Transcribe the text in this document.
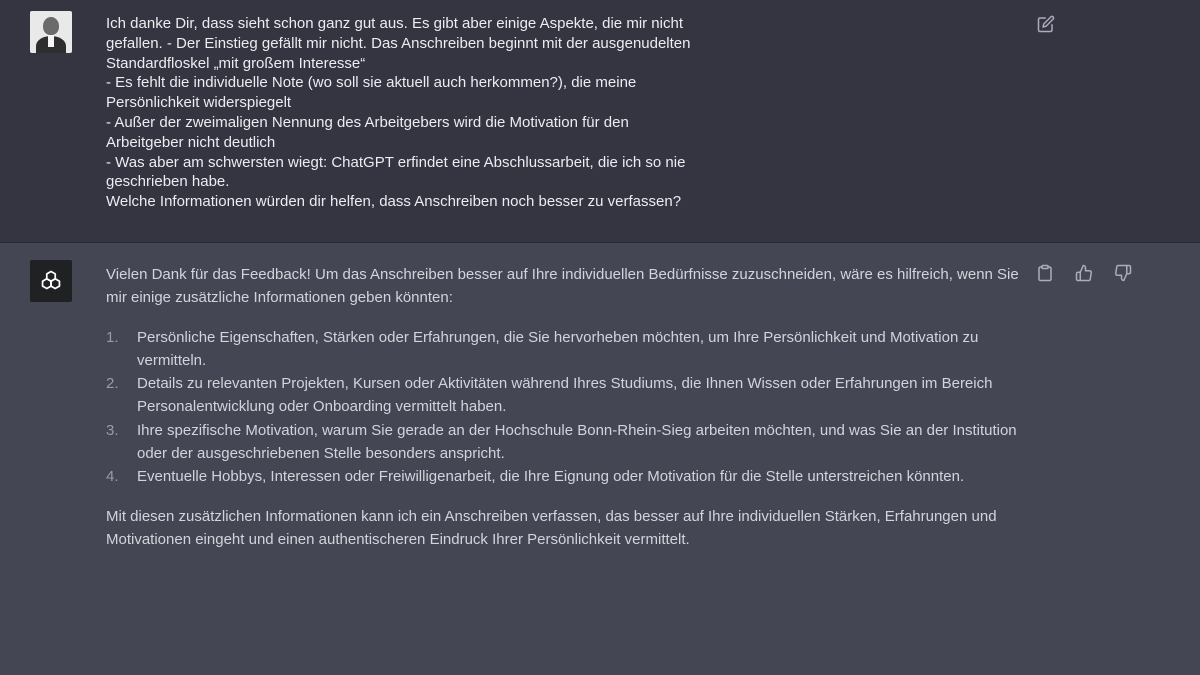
Ich danke Dir, dass sieht schon ganz gut aus. Es gibt aber einige Aspekte, die mir nicht
gefallen. - Der Einstieg gefällt mir nicht. Das Anschreiben beginnt mit der ausgenudelten
Standardfloskel „mit großem Interesse“
- Es fehlt die individuelle Note (wo soll sie aktuell auch herkommen?), die meine
Persönlichkeit widerspiegelt
- Außer der zweimaligen Nennung des Arbeitgebers wird die Motivation für den
Arbeitgeber nicht deutlich
- Was aber am schwersten wiegt: ChatGPT erfindet eine Abschlussarbeit, die ich so nie
geschrieben habe.
Welche Informationen würden dir helfen, dass Anschreiben noch besser zu verfassen?

Vielen Dank für das Feedback! Um das Anschreiben besser auf Ihre individuellen Bedürfnisse zuzuschneiden, wäre es hilfreich, wenn Sie mir einige zusätzliche Informationen geben könnten:

1. Persönliche Eigenschaften, Stärken oder Erfahrungen, die Sie hervorheben möchten, um Ihre Persönlichkeit und Motivation zu vermitteln.
2. Details zu relevanten Projekten, Kursen oder Aktivitäten während Ihres Studiums, die Ihnen Wissen oder Erfahrungen im Bereich Personalentwicklung oder Onboarding vermittelt haben.
3. Ihre spezifische Motivation, warum Sie gerade an der Hochschule Bonn-Rhein-Sieg arbeiten möchten, und was Sie an der Institution oder der ausgeschriebenen Stelle besonders anspricht.
4. Eventuelle Hobbys, Interessen oder Freiwilligenarbeit, die Ihre Eignung oder Motivation für die Stelle unterstreichen könnten.

Mit diesen zusätzlichen Informationen kann ich ein Anschreiben verfassen, das besser auf Ihre individuellen Stärken, Erfahrungen und Motivationen eingeht und einen authentischeren Eindruck Ihrer Persönlichkeit vermittelt.
